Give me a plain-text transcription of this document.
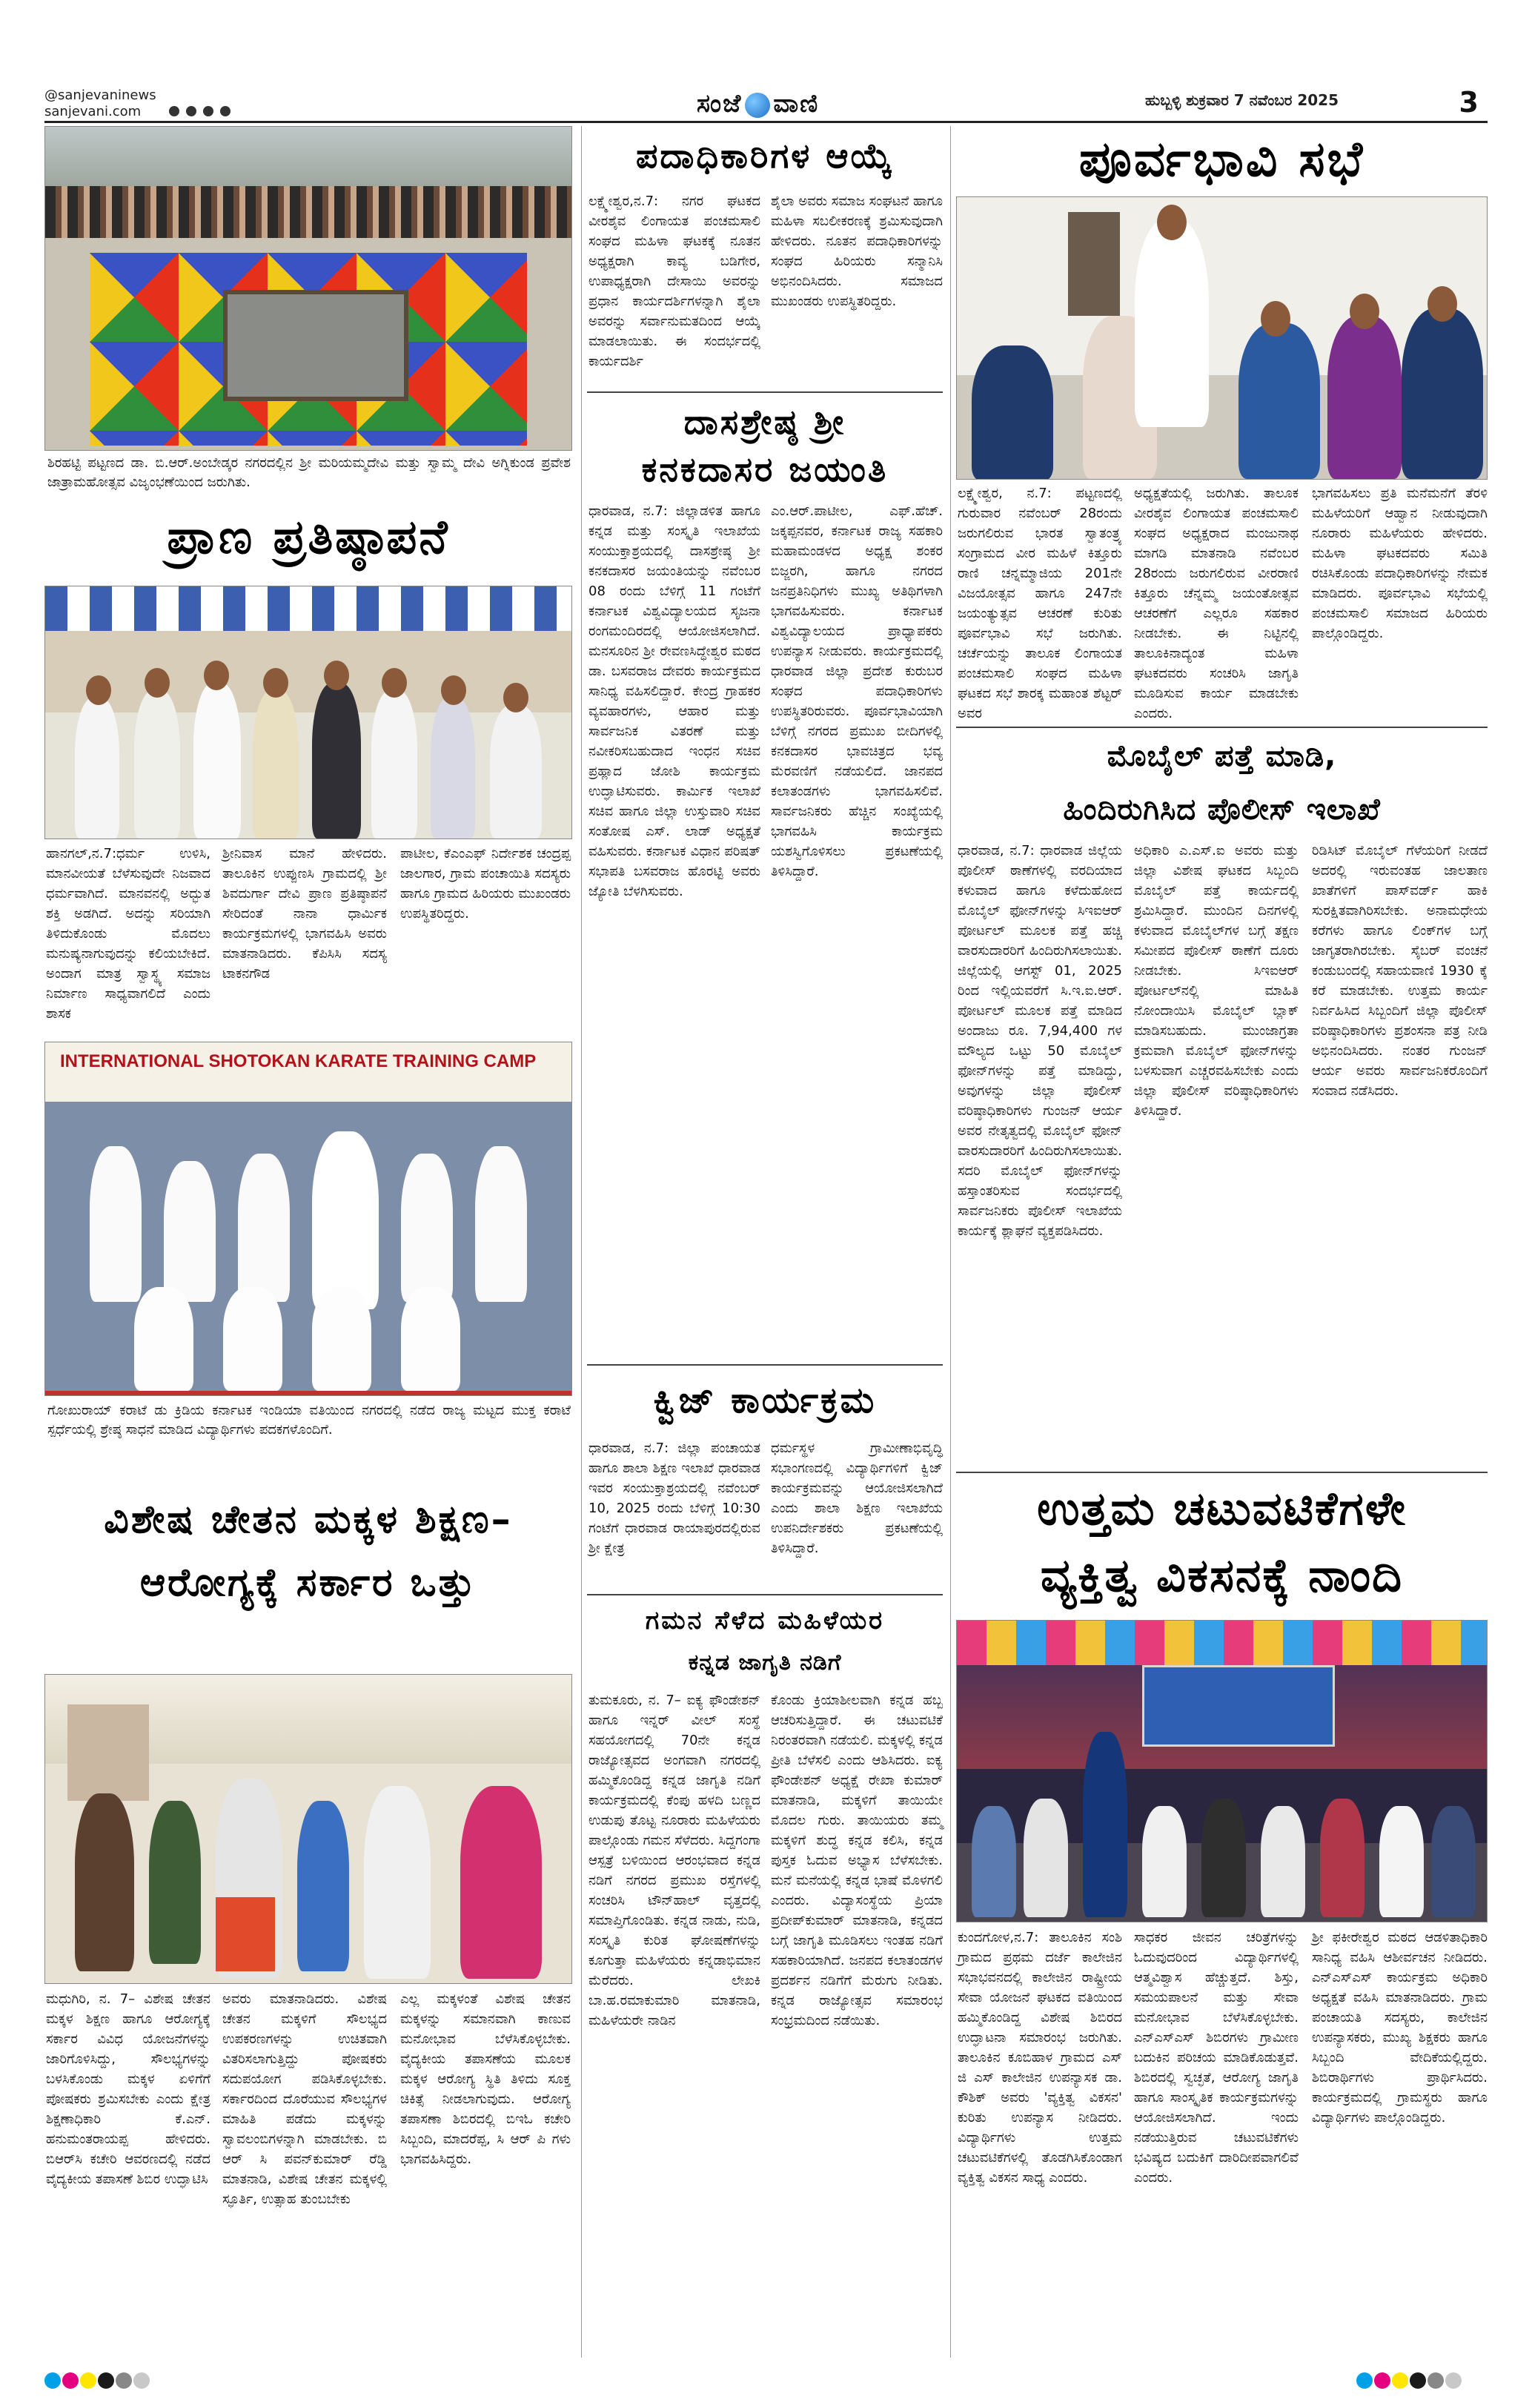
@sanjevaninews
sanjevani.com
	ಸಂಜೆ ವಾಣಿ	ಹುಬ್ಬಳ್ಳಿ ಶುಕ್ರವಾರ 7 ನವೆಂಬರ 2025	3
ಶಿರಹಟ್ಟಿ ಪಟ್ಟಣದ ಡಾ. ಬಿ.ಆರ್.ಅಂಬೇಡ್ಕರ ನಗರದಲ್ಲಿನ ಶ್ರೀ ಮರಿಯಮ್ಮದೇವಿ ಮತ್ತು ಸ್ವಾಮ್ಮ ದೇವಿ ಅಗ್ನಿಕುಂಡ ಪ್ರವೇಶ ಜಾತ್ರಾಮಹೋತ್ಸವ ವಿಜೃಂಭಣೆಯಿಂದ ಜರುಗಿತು.
ಪ್ರಾಣ ಪ್ರತಿಷ್ಠಾಪನೆ
ಹಾನಗಲ್,ನ.7:ಧರ್ಮ ಉಳಿಸಿ, ಮಾನವೀಯತೆ ಬೆಳೆಸುವುದೇ ನಿಜವಾದ ಧರ್ಮವಾಗಿದೆ. ಮಾನವನಲ್ಲಿ ಅದ್ಭುತ ಶಕ್ತಿ ಅಡಗಿದೆ. ಅದನ್ನು ಸರಿಯಾಗಿ ತಿಳಿದುಕೊಂಡು ಮೊದಲು ಮನುಷ್ಯನಾಗುವುದನ್ನು ಕಲಿಯಬೇಕಿದೆ. ಅಂದಾಗ ಮಾತ್ರ ಸ್ವಾಸ್ಥ್ಯ ಸಮಾಜ ನಿರ್ಮಾಣ ಸಾಧ್ಯವಾಗಲಿದೆ ಎಂದು ಶಾಸಕ
ಶ್ರೀನಿವಾಸ ಮಾನೆ ಹೇಳಿದರು. ತಾಲೂಕಿನ ಉಪ್ಪುಣಸಿ ಗ್ರಾಮದಲ್ಲಿ ಶ್ರೀ ಶಿವದುರ್ಗಾ ದೇವಿ ಪ್ರಾಣ ಪ್ರತಿಷ್ಠಾಪನೆ ಸೇರಿದಂತೆ ನಾನಾ ಧಾರ್ಮಿಕ ಕಾರ್ಯಕ್ರಮಗಳಲ್ಲಿ ಭಾಗವಹಿಸಿ ಅವರು ಮಾತನಾಡಿದರು. ಕೆಪಿಸಿಸಿ ಸದಸ್ಯ ಟಾಕನಗೌಡ
ಪಾಟೀಲ, ಕೆಎಂಎಫ್ ನಿರ್ದೇಶಕ ಚಂದ್ರಪ್ಪ ಜಾಲಗಾರ, ಗ್ರಾಮ ಪಂಚಾಯಿತಿ ಸದಸ್ಯರು ಹಾಗೂ ಗ್ರಾಮದ ಹಿರಿಯರು ಮುಖಂಡರು ಉಪಸ್ಥಿತರಿದ್ದರು.
INTERNATIONAL SHOTOKAN KARATE TRAINING CAMP
ಗೋಖುರಾಯ್ ಕರಾಟೆ ಡು ಕ್ರಿಡಿಯ ಕರ್ನಾಟಕ ಇಂಡಿಯಾ ವತಿಯಿಂದ ನಗರದಲ್ಲಿ ನಡೆದ ರಾಜ್ಯ ಮಟ್ಟದ ಮುಕ್ತ ಕರಾಟೆ ಸ್ಪರ್ಧೆಯಲ್ಲಿ ಶ್ರೇಷ್ಠ ಸಾಧನೆ ಮಾಡಿದ ವಿದ್ಯಾರ್ಥಿಗಳು ಪದಕಗಳೊಂದಿಗೆ.
ವಿಶೇಷ ಚೇತನ ಮಕ್ಕಳ ಶಿಕ್ಷಣ–
ಆರೋಗ್ಯಕ್ಕೆ ಸರ್ಕಾರ ಒತ್ತು
ಮಧುಗಿರಿ, ನ. 7– ವಿಶೇಷ ಚೇತನ ಮಕ್ಕಳ ಶಿಕ್ಷಣ ಹಾಗೂ ಆರೋಗ್ಯಕ್ಕೆ ಸರ್ಕಾರ ವಿವಿಧ ಯೋಜನೆಗಳನ್ನು ಜಾರಿಗೊಳಿಸಿದ್ದು, ಸೌಲಭ್ಯಗಳನ್ನು ಬಳಸಿಕೊಂಡು ಮಕ್ಕಳ ಏಳಿಗೆಗೆ ಪೋಷಕರು ಶ್ರಮಿಸಬೇಕು ಎಂದು ಕ್ಷೇತ್ರ ಶಿಕ್ಷಣಾಧಿಕಾರಿ ಕೆ.ಎನ್. ಹನುಮಂತರಾಯಪ್ಪ ಹೇಳಿದರು. ಬಿಆರ್‌ಸಿ ಕಚೇರಿ ಆವರಣದಲ್ಲಿ ನಡೆದ ವೈದ್ಯಕೀಯ ತಪಾಸಣೆ ಶಿಬಿರ ಉದ್ಘಾಟಿಸಿ
ಅವರು ಮಾತನಾಡಿದರು. ವಿಶೇಷ ಚೇತನ ಮಕ್ಕಳಿಗೆ ಸೌಲಭ್ಯದ ಉಪಕರಣಗಳನ್ನು ಉಚಿತವಾಗಿ ವಿತರಿಸಲಾಗುತ್ತಿದ್ದು ಪೋಷಕರು ಸದುಪಯೋಗ ಪಡಿಸಿಕೊಳ್ಳಬೇಕು. ಸರ್ಕಾರದಿಂದ ದೊರೆಯುವ ಸೌಲಭ್ಯಗಳ ಮಾಹಿತಿ ಪಡೆದು ಮಕ್ಕಳನ್ನು ಸ್ವಾವಲಂಬಿಗಳನ್ನಾಗಿ ಮಾಡಬೇಕು. ಬಿ ಆರ್ ಸಿ ಪವನ್‌ಕುಮಾರ್ ರೆಡ್ಡಿ ಮಾತನಾಡಿ, ವಿಶೇಷ ಚೇತನ ಮಕ್ಕಳಲ್ಲಿ ಸ್ಫೂರ್ತಿ, ಉತ್ಸಾಹ ತುಂಬಬೇಕು
ಎಲ್ಲ ಮಕ್ಕಳಂತೆ ವಿಶೇಷ ಚೇತನ ಮಕ್ಕಳನ್ನು ಸಮಾನವಾಗಿ ಕಾಣುವ ಮನೋಭಾವ ಬೆಳೆಸಿಕೊಳ್ಳಬೇಕು. ವೈದ್ಯಕೀಯ ತಪಾಸಣೆಯ ಮೂಲಕ ಮಕ್ಕಳ ಆರೋಗ್ಯ ಸ್ಥಿತಿ ತಿಳಿದು ಸೂಕ್ತ ಚಿಕಿತ್ಸೆ ನೀಡಲಾಗುವುದು. ಆರೋಗ್ಯ ತಪಾಸಣಾ ಶಿಬಿರದಲ್ಲಿ ಬಿಇಓ ಕಚೇರಿ ಸಿಬ್ಬಂದಿ, ಮಾದರೆಪ್ಪ, ಸಿ ಆರ್ ಪಿ ಗಳು ಭಾಗವಹಿಸಿದ್ದರು.
ಪದಾಧಿಕಾರಿಗಳ ಆಯ್ಕೆ
ಲಕ್ಷ್ಮೇಶ್ವರ,ನ.7: ನಗರ ಘಟಕದ ವೀರಶೈವ ಲಿಂಗಾಯತ ಪಂಚಮಸಾಲಿ ಸಂಘದ ಮಹಿಳಾ ಘಟಕಕ್ಕೆ ನೂತನ ಅಧ್ಯಕ್ಷರಾಗಿ ಕಾವ್ಯ ಬಡಿಗೇರ, ಉಪಾಧ್ಯಕ್ಷರಾಗಿ ದೇಸಾಯಿ ಅವರನ್ನು ಪ್ರಧಾನ ಕಾರ್ಯದರ್ಶಿಗಳನ್ನಾಗಿ ಶೈಲಾ ಅವರನ್ನು ಸರ್ವಾನುಮತದಿಂದ ಆಯ್ಕೆ ಮಾಡಲಾಯಿತು. ಈ ಸಂದರ್ಭದಲ್ಲಿ ಕಾರ್ಯದರ್ಶಿ
ಶೈಲಾ ಅವರು ಸಮಾಜ ಸಂಘಟನೆ ಹಾಗೂ ಮಹಿಳಾ ಸಬಲೀಕರಣಕ್ಕೆ ಶ್ರಮಿಸುವುದಾಗಿ ಹೇಳಿದರು. ನೂತನ ಪದಾಧಿಕಾರಿಗಳನ್ನು ಸಂಘದ ಹಿರಿಯರು ಸನ್ಮಾನಿಸಿ ಅಭಿನಂದಿಸಿದರು. ಸಮಾಜದ ಮುಖಂಡರು ಉಪಸ್ಥಿತರಿದ್ದರು.
ದಾಸಶ್ರೇಷ್ಠ ಶ್ರೀ
ಕನಕದಾಸರ ಜಯಂತಿ
ಧಾರವಾಡ, ನ.7: ಜಿಲ್ಲಾಡಳಿತ ಹಾಗೂ ಕನ್ನಡ ಮತ್ತು ಸಂಸ್ಕೃತಿ ಇಲಾಖೆಯ ಸಂಯುಕ್ತಾಶ್ರಯದಲ್ಲಿ ದಾಸಶ್ರೇಷ್ಠ ಶ್ರೀ ಕನಕದಾಸರ ಜಯಂತಿಯನ್ನು ನವೆಂಬರ 08 ರಂದು ಬೆಳಿಗ್ಗೆ 11 ಗಂಟೆಗೆ ಕರ್ನಾಟಕ ವಿಶ್ವವಿದ್ಯಾಲಯದ ಸೃಜನಾ ರಂಗಮಂದಿರದಲ್ಲಿ ಆಯೋಜಿಸಲಾಗಿದೆ. ಮನಸೂರಿನ ಶ್ರೀ ರೇವಣಸಿದ್ಧೇಶ್ವರ ಮಠದ ಡಾ. ಬಸವರಾಜ ದೇವರು ಕಾರ್ಯಕ್ರಮದ ಸಾನಿಧ್ಯ ವಹಿಸಲಿದ್ದಾರೆ. ಕೇಂದ್ರ ಗ್ರಾಹಕರ ವ್ಯವಹಾರಗಳು, ಆಹಾರ ಮತ್ತು ಸಾರ್ವಜನಿಕ ವಿತರಣೆ ಮತ್ತು ನವೀಕರಿಸಬಹುದಾದ ಇಂಧನ ಸಚಿವ ಪ್ರಹ್ಲಾದ ಜೋಶಿ ಕಾರ್ಯಕ್ರಮ ಉದ್ಘಾಟಿಸುವರು. ಕಾರ್ಮಿಕ ಇಲಾಖೆ ಸಚಿವ ಹಾಗೂ ಜಿಲ್ಲಾ ಉಸ್ತುವಾರಿ ಸಚಿವ ಸಂತೋಷ ಎಸ್. ಲಾಡ್ ಅಧ್ಯಕ್ಷತೆ ವಹಿಸುವರು. ಕರ್ನಾಟಕ ವಿಧಾನ ಪರಿಷತ್ ಸಭಾಪತಿ ಬಸವರಾಜ ಹೊರಟ್ಟಿ ಅವರು ಜ್ಯೋತಿ ಬೆಳಗಿಸುವರು.
ಎಂ.ಆರ್.ಪಾಟೀಲ, ಎಫ್.ಹೆಚ್. ಜಕ್ಕಪ್ಪನವರ, ಕರ್ನಾಟಕ ರಾಜ್ಯ ಸಹಕಾರಿ ಮಹಾಮಂಡಳದ ಅಧ್ಯಕ್ಷ ಶಂಕರ ಬಿಜ್ಜರಗಿ, ಹಾಗೂ ನಗರದ ಜನಪ್ರತಿನಿಧಿಗಳು ಮುಖ್ಯ ಅತಿಥಿಗಳಾಗಿ ಭಾಗವಹಿಸುವರು. ಕರ್ನಾಟಕ ವಿಶ್ವವಿದ್ಯಾಲಯದ ಪ್ರಾಧ್ಯಾಪಕರು ಉಪನ್ಯಾಸ ನೀಡುವರು. ಕಾರ್ಯಕ್ರಮದಲ್ಲಿ ಧಾರವಾಡ ಜಿಲ್ಲಾ ಪ್ರದೇಶ ಕುರುಬರ ಸಂಘದ ಪದಾಧಿಕಾರಿಗಳು ಉಪಸ್ಥಿತರಿರುವರು. ಪೂರ್ವಭಾವಿಯಾಗಿ ಬೆಳಿಗ್ಗೆ ನಗರದ ಪ್ರಮುಖ ಬೀದಿಗಳಲ್ಲಿ ಕನಕದಾಸರ ಭಾವಚಿತ್ರದ ಭವ್ಯ ಮೆರವಣಿಗೆ ನಡೆಯಲಿದೆ. ಜಾನಪದ ಕಲಾತಂಡಗಳು ಭಾಗವಹಿಸಲಿವೆ. ಸಾರ್ವಜನಿಕರು ಹೆಚ್ಚಿನ ಸಂಖ್ಯೆಯಲ್ಲಿ ಭಾಗವಹಿಸಿ ಕಾರ್ಯಕ್ರಮ ಯಶಸ್ವಿಗೊಳಿಸಲು ಪ್ರಕಟಣೆಯಲ್ಲಿ ತಿಳಿಸಿದ್ದಾರೆ.
ಕ್ವಿಜ್ ಕಾರ್ಯಕ್ರಮ
ಧಾರವಾಡ, ನ.7: ಜಿಲ್ಲಾ ಪಂಚಾಯತ ಹಾಗೂ ಶಾಲಾ ಶಿಕ್ಷಣ ಇಲಾಖೆ ಧಾರವಾಡ ಇವರ ಸಂಯುಕ್ತಾಶ್ರಯದಲ್ಲಿ ನವೆಂಬರ್ 10, 2025 ರಂದು ಬೆಳಿಗ್ಗೆ 10:30 ಗಂಟೆಗೆ ಧಾರವಾಡ ರಾಯಾಪುರದಲ್ಲಿರುವ ಶ್ರೀ ಕ್ಷೇತ್ರ
ಧರ್ಮಸ್ಥಳ ಗ್ರಾಮೀಣಾಭಿವೃದ್ಧಿ ಸಭಾಂಗಣದಲ್ಲಿ ವಿದ್ಯಾರ್ಥಿಗಳಿಗೆ ಕ್ವಿಜ್ ಕಾರ್ಯಕ್ರಮವನ್ನು ಆಯೋಜಿಸಲಾಗಿದೆ ಎಂದು ಶಾಲಾ ಶಿಕ್ಷಣ ಇಲಾಖೆಯ ಉಪನಿರ್ದೇಶಕರು ಪ್ರಕಟಣೆಯಲ್ಲಿ ತಿಳಿಸಿದ್ದಾರೆ.
ಗಮನ ಸೆಳೆದ ಮಹಿಳೆಯರ
ಕನ್ನಡ ಜಾಗೃತಿ ನಡಿಗೆ
ತುಮಕೂರು, ನ. 7– ಐಕ್ಯ ಫೌಂಡೇಶನ್ ಹಾಗೂ ಇನ್ನರ್ ವೀಲ್ ಸಂಸ್ಥೆ ಸಹಯೋಗದಲ್ಲಿ 70ನೇ ಕನ್ನಡ ರಾಜ್ಯೋತ್ಸವದ ಅಂಗವಾಗಿ ನಗರದಲ್ಲಿ ಹಮ್ಮಿಕೊಂಡಿದ್ದ ಕನ್ನಡ ಜಾಗೃತಿ ನಡಿಗೆ ಕಾರ್ಯಕ್ರಮದಲ್ಲಿ ಕೆಂಪು ಹಳದಿ ಬಣ್ಣದ ಉಡುಪು ತೊಟ್ಟ ನೂರಾರು ಮಹಿಳೆಯರು ಪಾಲ್ಗೊಂಡು ಗಮನ ಸೆಳೆದರು. ಸಿದ್ದಗಂಗಾ ಆಸ್ಪತ್ರೆ ಬಳಿಯಿಂದ ಆರಂಭವಾದ ಕನ್ನಡ ನಡಿಗೆ ನಗರದ ಪ್ರಮುಖ ರಸ್ತೆಗಳಲ್ಲಿ ಸಂಚರಿಸಿ ಟೌನ್‌ಹಾಲ್ ವೃತ್ತದಲ್ಲಿ ಸಮಾಪ್ತಿಗೊಂಡಿತು. ಕನ್ನಡ ನಾಡು, ನುಡಿ, ಸಂಸ್ಕೃತಿ ಕುರಿತ ಘೋಷಣೆಗಳನ್ನು ಕೂಗುತ್ತಾ ಮಹಿಳೆಯರು ಕನ್ನಡಾಭಿಮಾನ ಮೆರೆದರು. ಲೇಖಕಿ ಬಾ.ಹ.ರಮಾಕುಮಾರಿ ಮಾತನಾಡಿ, ಮಹಿಳೆಯರೇ ನಾಡಿನ
ಕೊಂಡು ಕ್ರಿಯಾಶೀಲವಾಗಿ ಕನ್ನಡ ಹಬ್ಬ ಆಚರಿಸುತ್ತಿದ್ದಾರೆ. ಈ ಚಟುವಟಿಕೆ ನಿರಂತರವಾಗಿ ನಡೆಯಲಿ. ಮಕ್ಕಳಲ್ಲಿ ಕನ್ನಡ ಪ್ರೀತಿ ಬೆಳೆಸಲಿ ಎಂದು ಆಶಿಸಿದರು. ಐಕ್ಯ ಫೌಂಡೇಶನ್ ಅಧ್ಯಕ್ಷೆ ರೇಖಾ ಕುಮಾರ್ ಮಾತನಾಡಿ, ಮಕ್ಕಳಿಗೆ ತಾಯಿಯೇ ಮೊದಲ ಗುರು. ತಾಯಿಯರು ತಮ್ಮ ಮಕ್ಕಳಿಗೆ ಶುದ್ಧ ಕನ್ನಡ ಕಲಿಸಿ, ಕನ್ನಡ ಪುಸ್ತಕ ಓದುವ ಅಭ್ಯಾಸ ಬೆಳೆಸಬೇಕು. ಮನೆ ಮನೆಯಲ್ಲಿ ಕನ್ನಡ ಭಾಷೆ ಮೊಳಗಲಿ ಎಂದರು. ವಿದ್ಯಾಸಂಸ್ಥೆಯ ಪ್ರಿಯಾ ಪ್ರದೀಪ್‌ಕುಮಾರ್ ಮಾತನಾಡಿ, ಕನ್ನಡದ ಬಗ್ಗೆ ಜಾಗೃತಿ ಮೂಡಿಸಲು ಇಂತಹ ನಡಿಗೆ ಸಹಕಾರಿಯಾಗಿದೆ. ಜನಪದ ಕಲಾತಂಡಗಳ ಪ್ರದರ್ಶನ ನಡಿಗೆಗೆ ಮೆರುಗು ನೀಡಿತು. ಕನ್ನಡ ರಾಜ್ಯೋತ್ಸವ ಸಮಾರಂಭ ಸಂಭ್ರಮದಿಂದ ನಡೆಯಿತು.
ಪೂರ್ವಭಾವಿ ಸಭೆ
ಲಕ್ಷ್ಮೇಶ್ವರ, ನ.7: ಪಟ್ಟಣದಲ್ಲಿ ಗುರುವಾರ ನವೆಂಬರ್ 28ರಂದು ಜರುಗಲಿರುವ ಭಾರತ ಸ್ವಾತಂತ್ರ್ಯ ಸಂಗ್ರಾಮದ ವೀರ ಮಹಿಳೆ ಕಿತ್ತೂರು ರಾಣಿ ಚನ್ನಮ್ಮಾಜಿಯ 201ನೇ ವಿಜಯೋತ್ಸವ ಹಾಗೂ 247ನೇ ಜಯಂತ್ಯುತ್ಸವ ಆಚರಣೆ ಕುರಿತು ಪೂರ್ವಭಾವಿ ಸಭೆ ಜರುಗಿತು. ಚರ್ಚೆಯನ್ನು ತಾಲೂಕ ಲಿಂಗಾಯತ ಪಂಚಮಸಾಲಿ ಸಂಘದ ಮಹಿಳಾ ಘಟಕದ ಸಭೆ ಶಾರಕ್ಕ ಮಹಾಂತ ಶೆಟ್ಟರ್ ಅವರ
ಅಧ್ಯಕ್ಷತೆಯಲ್ಲಿ ಜರುಗಿತು. ತಾಲೂಕ ವೀರಶೈವ ಲಿಂಗಾಯತ ಪಂಚಮಸಾಲಿ ಸಂಘದ ಅಧ್ಯಕ್ಷರಾದ ಮಂಜುನಾಥ ಮಾಗಡಿ ಮಾತನಾಡಿ ನವೆಂಬರ 28ರಂದು ಜರುಗಲಿರುವ ವೀರರಾಣಿ ಕಿತ್ತೂರು ಚೆನ್ನಮ್ಮ ಜಯಂತೋತ್ಸವ ಆಚರಣೆಗೆ ಎಲ್ಲರೂ ಸಹಕಾರ ನೀಡಬೇಕು. ಈ ನಿಟ್ಟಿನಲ್ಲಿ ತಾಲೂಕಿನಾದ್ಯಂತ ಮಹಿಳಾ ಘಟಕದವರು ಸಂಚರಿಸಿ ಜಾಗೃತಿ ಮೂಡಿಸುವ ಕಾರ್ಯ ಮಾಡಬೇಕು ಎಂದರು.
ಭಾಗವಹಿಸಲು ಪ್ರತಿ ಮನೆಮನೆಗೆ ತೆರಳಿ ಮಹಿಳೆಯರಿಗೆ ಆಹ್ವಾನ ನೀಡುವುದಾಗಿ ನೂರಾರು ಮಹಿಳೆಯರು ಹೇಳಿದರು. ಮಹಿಳಾ ಘಟಕದವರು ಸಮಿತಿ ರಚಿಸಿಕೊಂಡು ಪದಾಧಿಕಾರಿಗಳನ್ನು ನೇಮಕ ಮಾಡಿದರು. ಪೂರ್ವಭಾವಿ ಸಭೆಯಲ್ಲಿ ಪಂಚಮಸಾಲಿ ಸಮಾಜದ ಹಿರಿಯರು ಪಾಲ್ಗೊಂಡಿದ್ದರು.
ಮೊಬೈಲ್ ಪತ್ತೆ ಮಾಡಿ,
ಹಿಂದಿರುಗಿಸಿದ ಪೊಲೀಸ್ ಇಲಾಖೆ
ಧಾರವಾಡ, ನ.7: ಧಾರವಾಡ ಜಿಲ್ಲೆಯ ಪೊಲೀಸ್ ಠಾಣೆಗಳಲ್ಲಿ ವರದಿಯಾದ ಕಳುವಾದ ಹಾಗೂ ಕಳೆದುಹೋದ ಮೊಬೈಲ್ ಫೋನ್‌ಗಳನ್ನು ಸಿಇಐಆರ್ ಪೋರ್ಟಲ್ ಮೂಲಕ ಪತ್ತೆ ಹಚ್ಚಿ ವಾರಸುದಾರರಿಗೆ ಹಿಂದಿರುಗಿಸಲಾಯಿತು. ಜಿಲ್ಲೆಯಲ್ಲಿ ಆಗಸ್ಟ್ 01, 2025 ರಿಂದ ಇಲ್ಲಿಯವರೆಗೆ ಸಿ.ಇ.ಐ.ಆರ್. ಪೋರ್ಟಲ್ ಮೂಲಕ ಪತ್ತೆ ಮಾಡಿದ ಅಂದಾಜು ರೂ. 7,94,400 ಗಳ ಮೌಲ್ಯದ ಒಟ್ಟು 50 ಮೊಬೈಲ್ ಫೋನ್‌ಗಳನ್ನು ಪತ್ತೆ ಮಾಡಿದ್ದು, ಅವುಗಳನ್ನು ಜಿಲ್ಲಾ ಪೊಲೀಸ್ ವರಿಷ್ಠಾಧಿಕಾರಿಗಳು ಗುಂಜನ್ ಆರ್ಯ ಅವರ ನೇತೃತ್ವದಲ್ಲಿ ಮೊಬೈಲ್ ಫೋನ್ ವಾರಸುದಾರರಿಗೆ ಹಿಂದಿರುಗಿಸಲಾಯಿತು. ಸದರಿ ಮೊಬೈಲ್ ಫೋನ್‌ಗಳನ್ನು ಹಸ್ತಾಂತರಿಸುವ ಸಂದರ್ಭದಲ್ಲಿ ಸಾರ್ವಜನಿಕರು ಪೊಲೀಸ್ ಇಲಾಖೆಯ ಕಾರ್ಯಕ್ಕೆ ಶ್ಲಾಘನೆ ವ್ಯಕ್ತಪಡಿಸಿದರು.
ಅಧಿಕಾರಿ ಎ.ಎಸ್.ಐ ಅವರು ಮತ್ತು ಜಿಲ್ಲಾ ವಿಶೇಷ ಘಟಕದ ಸಿಬ್ಬಂದಿ ಮೊಬೈಲ್ ಪತ್ತೆ ಕಾರ್ಯದಲ್ಲಿ ಶ್ರಮಿಸಿದ್ದಾರೆ. ಮುಂದಿನ ದಿನಗಳಲ್ಲಿ ಕಳುವಾದ ಮೊಬೈಲ್‌ಗಳ ಬಗ್ಗೆ ತಕ್ಷಣ ಸಮೀಪದ ಪೊಲೀಸ್ ಠಾಣೆಗೆ ದೂರು ನೀಡಬೇಕು. ಸಿಇಐಆರ್ ಪೋರ್ಟಲ್‌ನಲ್ಲಿ ಮಾಹಿತಿ ನೋಂದಾಯಿಸಿ ಮೊಬೈಲ್ ಬ್ಲಾಕ್ ಮಾಡಿಸಬಹುದು. ಮುಂಜಾಗ್ರತಾ ಕ್ರಮವಾಗಿ ಮೊಬೈಲ್ ಫೋನ್‌ಗಳನ್ನು ಬಳಸುವಾಗ ಎಚ್ಚರವಹಿಸಬೇಕು ಎಂದು ಜಿಲ್ಲಾ ಪೊಲೀಸ್ ವರಿಷ್ಠಾಧಿಕಾರಿಗಳು ತಿಳಿಸಿದ್ದಾರೆ.
ರಿಡಿಸಿಟ್ ಮೊಬೈಲ್ ಗೆಳೆಯರಿಗೆ ನೀಡದೆ ಅದರಲ್ಲಿ ಇರುವಂತಹ ಜಾಲತಾಣ ಖಾತೆಗಳಿಗೆ ಪಾಸ್‌ವರ್ಡ್ ಹಾಕಿ ಸುರಕ್ಷಿತವಾಗಿರಿಸಬೇಕು. ಅನಾಮಧೇಯ ಕರೆಗಳು ಹಾಗೂ ಲಿಂಕ್‌ಗಳ ಬಗ್ಗೆ ಜಾಗೃತರಾಗಿರಬೇಕು. ಸೈಬರ್ ವಂಚನೆ ಕಂಡುಬಂದಲ್ಲಿ ಸಹಾಯವಾಣಿ 1930 ಕ್ಕೆ ಕರೆ ಮಾಡಬೇಕು. ಉತ್ತಮ ಕಾರ್ಯ ನಿರ್ವಹಿಸಿದ ಸಿಬ್ಬಂದಿಗೆ ಜಿಲ್ಲಾ ಪೊಲೀಸ್ ವರಿಷ್ಠಾಧಿಕಾರಿಗಳು ಪ್ರಶಂಸನಾ ಪತ್ರ ನೀಡಿ ಅಭಿನಂದಿಸಿದರು. ನಂತರ ಗುಂಜನ್ ಆರ್ಯ ಅವರು ಸಾರ್ವಜನಿಕರೊಂದಿಗೆ ಸಂವಾದ ನಡೆಸಿದರು.
ಉತ್ತಮ ಚಟುವಟಿಕೆಗಳೇ
ವ್ಯಕ್ತಿತ್ವ ವಿಕಸನಕ್ಕೆ ನಾಂದಿ
ಕುಂದಗೋಳ,ನ.7: ತಾಲೂಕಿನ ಸಂಶಿ ಗ್ರಾಮದ ಪ್ರಥಮ ದರ್ಜೆ ಕಾಲೇಜಿನ ಸಭಾಭವನದಲ್ಲಿ ಕಾಲೇಜಿನ ರಾಷ್ಟ್ರೀಯ ಸೇವಾ ಯೋಜನೆ ಘಟಕದ ವತಿಯಿಂದ ಹಮ್ಮಿಕೊಂಡಿದ್ದ ವಿಶೇಷ ಶಿಬಿರದ ಉದ್ಘಾಟನಾ ಸಮಾರಂಭ ಜರುಗಿತು. ತಾಲೂಕಿನ ಕೂಬಿಹಾಳ ಗ್ರಾಮದ ಎಸ್ ಜಿ ಎಸ್ ಕಾಲೇಜಿನ ಉಪನ್ಯಾಸಕ ಡಾ. ಕೌಶಿಕ್ ಅವರು 'ವ್ಯಕ್ತಿತ್ವ ವಿಕಸನ' ಕುರಿತು ಉಪನ್ಯಾಸ ನೀಡಿದರು. ವಿದ್ಯಾರ್ಥಿಗಳು ಉತ್ತಮ ಚಟುವಟಿಕೆಗಳಲ್ಲಿ ತೊಡಗಿಸಿಕೊಂಡಾಗ ವ್ಯಕ್ತಿತ್ವ ವಿಕಸನ ಸಾಧ್ಯ ಎಂದರು.
ಸಾಧಕರ ಜೀವನ ಚರಿತ್ರೆಗಳನ್ನು ಓದುವುದರಿಂದ ವಿದ್ಯಾರ್ಥಿಗಳಲ್ಲಿ ಆತ್ಮವಿಶ್ವಾಸ ಹೆಚ್ಚುತ್ತದೆ. ಶಿಸ್ತು, ಸಮಯಪಾಲನೆ ಮತ್ತು ಸೇವಾ ಮನೋಭಾವ ಬೆಳೆಸಿಕೊಳ್ಳಬೇಕು. ಎನ್ಎಸ್ಎಸ್ ಶಿಬಿರಗಳು ಗ್ರಾಮೀಣ ಬದುಕಿನ ಪರಿಚಯ ಮಾಡಿಕೊಡುತ್ತವೆ. ಶಿಬಿರದಲ್ಲಿ ಸ್ವಚ್ಛತೆ, ಆರೋಗ್ಯ ಜಾಗೃತಿ ಹಾಗೂ ಸಾಂಸ್ಕೃತಿಕ ಕಾರ್ಯಕ್ರಮಗಳನ್ನು ಆಯೋಜಿಸಲಾಗಿದೆ. ಇಂದು ನಡೆಯುತ್ತಿರುವ ಚಟುವಟಿಕೆಗಳು ಭವಿಷ್ಯದ ಬದುಕಿಗೆ ದಾರಿದೀಪವಾಗಲಿವೆ ಎಂದರು.
ಶ್ರೀ ಫಕೀರೇಶ್ವರ ಮಠದ ಆಡಳಿತಾಧಿಕಾರಿ ಸಾನಿಧ್ಯ ವಹಿಸಿ ಆಶೀರ್ವಚನ ನೀಡಿದರು. ಎನ್ಎಸ್ಎಸ್ ಕಾರ್ಯಕ್ರಮ ಅಧಿಕಾರಿ ಅಧ್ಯಕ್ಷತೆ ವಹಿಸಿ ಮಾತನಾಡಿದರು. ಗ್ರಾಮ ಪಂಚಾಯತಿ ಸದಸ್ಯರು, ಕಾಲೇಜಿನ ಉಪನ್ಯಾಸಕರು, ಮುಖ್ಯ ಶಿಕ್ಷಕರು ಹಾಗೂ ಸಿಬ್ಬಂದಿ ವೇದಿಕೆಯಲ್ಲಿದ್ದರು. ಶಿಬಿರಾರ್ಥಿಗಳು ಪ್ರಾರ್ಥಿಸಿದರು. ಕಾರ್ಯಕ್ರಮದಲ್ಲಿ ಗ್ರಾಮಸ್ಥರು ಹಾಗೂ ವಿದ್ಯಾರ್ಥಿಗಳು ಪಾಲ್ಗೊಂಡಿದ್ದರು.
